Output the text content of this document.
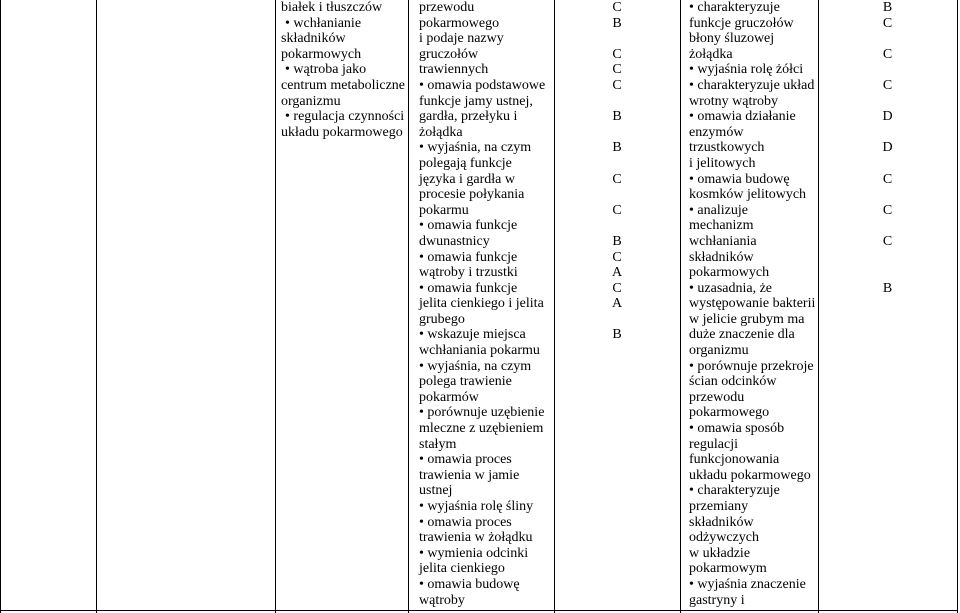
białek i tłuszczów
• wchłanianie
składników
pokarmowych
• wątroba jako
centrum metaboliczne
organizmu
• regulacja czynności
układu pokarmowego
przewodu
pokarmowego
i podaje nazwy
gruczołów
trawiennych
• omawia podstawowe
funkcje jamy ustnej,
gardła, przełyku i
żołądka
• wyjaśnia, na czym
polegają funkcje
języka i gardła w
procesie połykania
pokarmu
• omawia funkcje
dwunastnicy
• omawia funkcje
wątroby i trzustki
• omawia funkcje
jelita cienkiego i jelita
grubego
• wskazuje miejsca
wchłaniania pokarmu
• wyjaśnia, na czym
polega trawienie
pokarmów
• porównuje uzębienie
mleczne z uzębieniem
stałym
• omawia proces
trawienia w jamie
ustnej
• wyjaśnia rolę śliny
• omawia proces
trawienia w żołądku
• wymienia odcinki
jelita cienkiego
• omawia budowę
wątroby
C
B
C
C
C
B
B
C
C
B
C
A
C
A
B
• charakteryzuje
funkcje gruczołów
błony śluzowej
żołądka
• wyjaśnia rolę żółci
• charakteryzuje układ
wrotny wątroby
• omawia działanie
enzymów
trzustkowych
i jelitowych
• omawia budowę
kosmków jelitowych
• analizuje
mechanizm
wchłaniania
składników
pokarmowych
• uzasadnia, że
występowanie bakterii
w jelicie grubym ma
duże znaczenie dla
organizmu
• porównuje przekroje
ścian odcinków
przewodu
pokarmowego
• omawia sposób
regulacji
funkcjonowania
układu pokarmowego
• charakteryzuje
przemiany
składników
odżywczych
w układzie
pokarmowym
• wyjaśnia znaczenie
gastryny i
B
C
C
C
D
D
C
C
C
B
